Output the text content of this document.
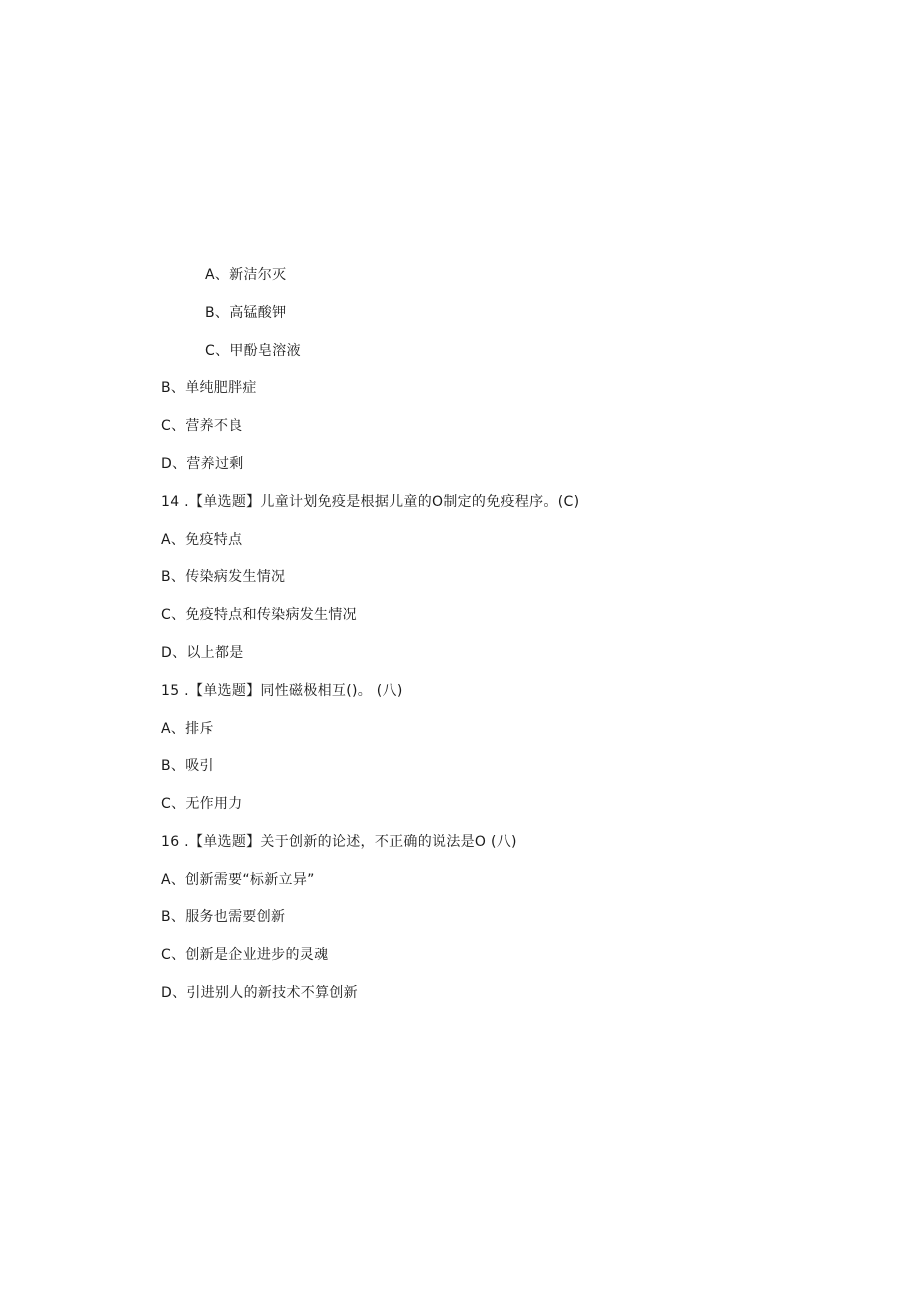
A、新洁尔灭
B、高锰酸钾
C、甲酚皂溶液
B、单纯肥胖症
C、营养不良
D、营养过剩
14 .【单选题】儿童计划免疫是根据儿童的O制定的免疫程序。(C)
A、免疫特点
B、传染病发生情况
C、免疫特点和传染病发生情况
D、以上都是
15 .【单选题】同性磁极相互()。 (八)
A、排斥
B、吸引
C、无作用力
16 .【单选题】关于创新的论述，不正确的说法是O (八)
A、创新需要“标新立异”
B、服务也需要创新
C、创新是企业进步的灵魂
D、引进别人的新技术不算创新
